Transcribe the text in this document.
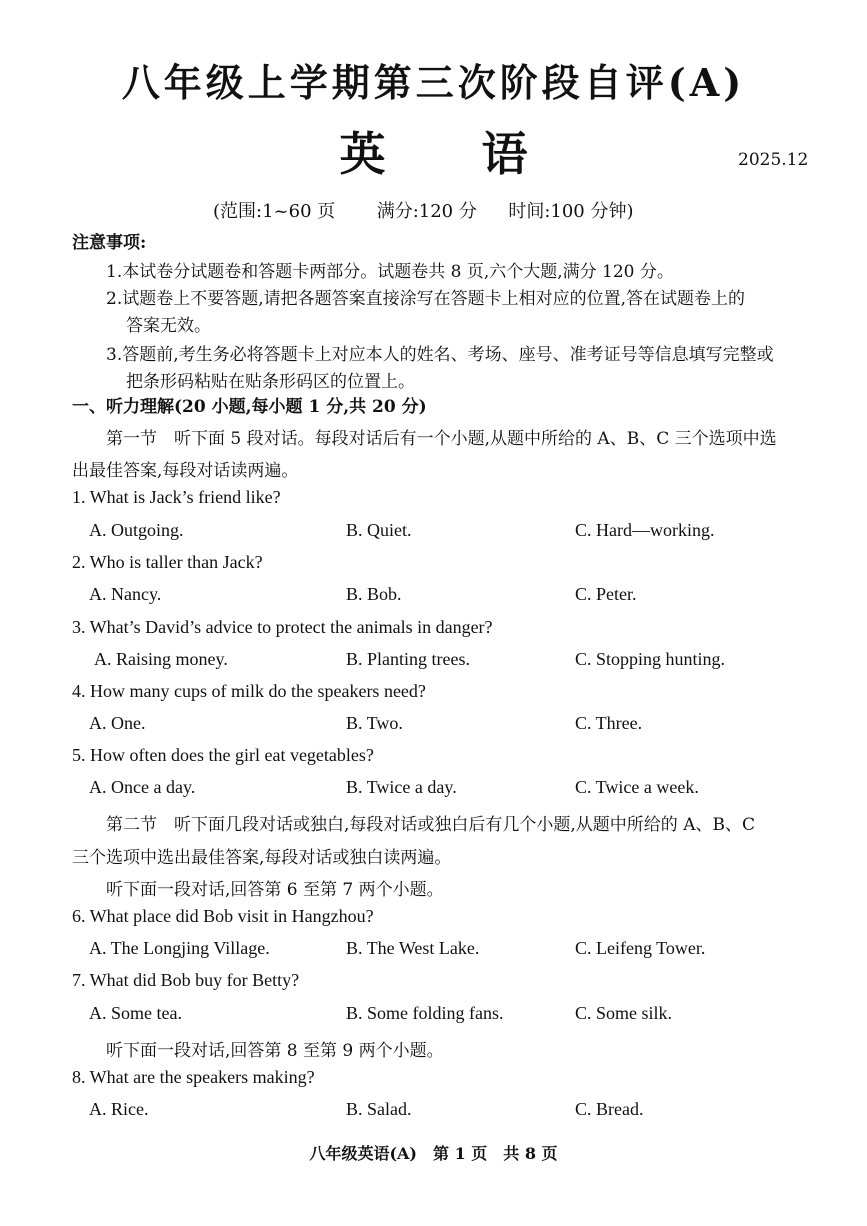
八年级上学期第三次阶段自评(A)
英 语	2025.12
(范围:1~60 页 满分:120 分 时间:100 分钟)
注意事项:
1.本试卷分试题卷和答题卡两部分。试题卷共 8 页,六个大题,满分 120 分。
2.试题卷上不要答题,请把各题答案直接涂写在答题卡上相对应的位置,答在试题卷上的
答案无效。
3.答题前,考生务必将答题卡上对应本人的姓名、考场、座号、准考证号等信息填写完整或
把条形码粘贴在贴条形码区的位置上。
一、听力理解(20 小题,每小题 1 分,共 20 分)
第一节　听下面 5 段对话。每段对话后有一个小题,从题中所给的 A、B、C 三个选项中选
出最佳答案,每段对话读两遍。
1. What is Jack’s friend like?
A. Outgoing.	B. Quiet.	C. Hard—working.
2. Who is taller than Jack?
A. Nancy.	B. Bob.	C. Peter.
3. What’s David’s advice to protect the animals in danger?
A. Raising money.	B. Planting trees.	C. Stopping hunting.
4. How many cups of milk do the speakers need?
A. One.	B. Two.	C. Three.
5. How often does the girl eat vegetables?
A. Once a day.	B. Twice a day.	C. Twice a week.
第二节　听下面几段对话或独白,每段对话或独白后有几个小题,从题中所给的 A、B、C
三个选项中选出最佳答案,每段对话或独白读两遍。
听下面一段对话,回答第 6 至第 7 两个小题。
6. What place did Bob visit in Hangzhou?
A. The Longjing Village.	B. The West Lake.	C. Leifeng Tower.
7. What did Bob buy for Betty?
A. Some tea.	B. Some folding fans.	C. Some silk.
听下面一段对话,回答第 8 至第 9 两个小题。
8. What are the speakers making?
A. Rice.	B. Salad.	C. Bread.
八年级英语(A)　第 1 页　共 8 页
